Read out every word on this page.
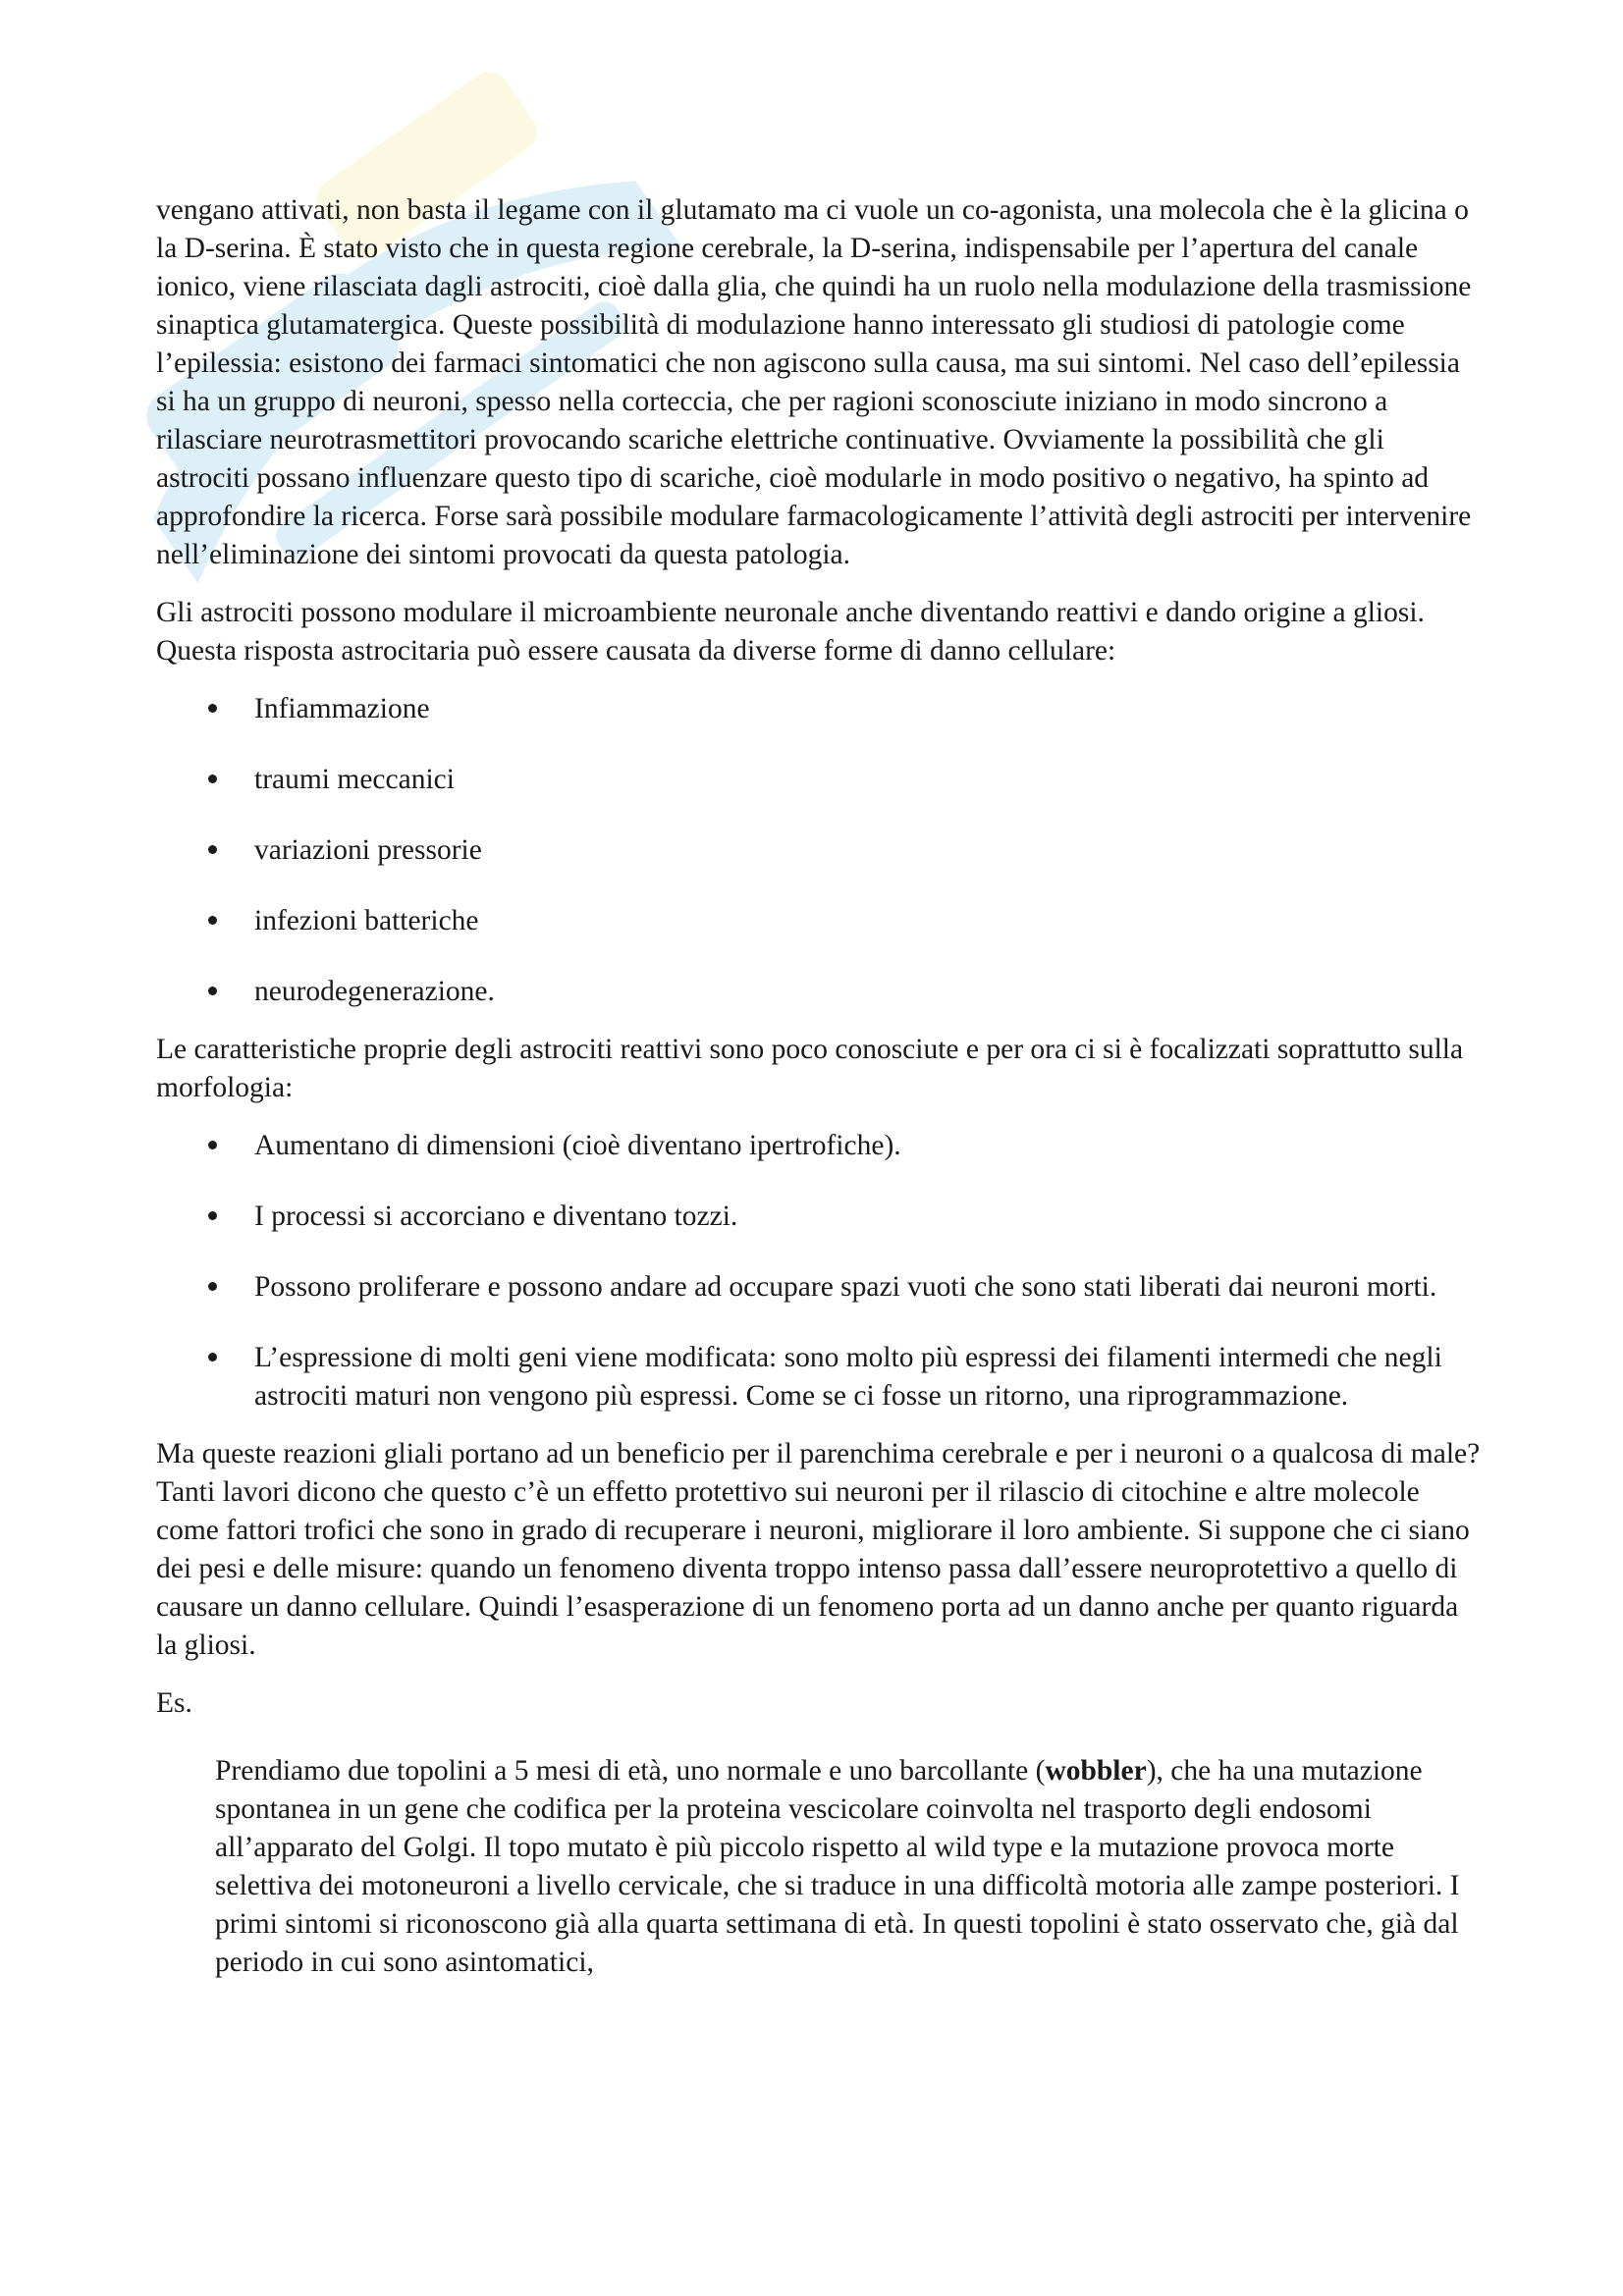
vengano attivati, non basta il legame con il glutamato ma ci vuole un co-agonista, una molecola che è la glicina o la D-serina. È stato visto che in questa regione cerebrale, la D-serina, indispensabile per l’apertura del canale ionico, viene rilasciata dagli astrociti, cioè dalla glia, che quindi ha un ruolo nella modulazione della trasmissione sinaptica glutamatergica. Queste possibilità di modulazione hanno interessato gli studiosi di patologie come l’epilessia: esistono dei farmaci sintomatici che non agiscono sulla causa, ma sui sintomi. Nel caso dell’epilessia si ha un gruppo di neuroni, spesso nella corteccia, che per ragioni sconosciute iniziano in modo sincrono a rilasciare neurotrasmettitori provocando scariche elettriche continuative. Ovviamente la possibilità che gli astrociti possano influenzare questo tipo di scariche, cioè modularle in modo positivo o negativo, ha spinto ad approfondire la ricerca. Forse sarà possibile modulare farmacologicamente l’attività degli astrociti per intervenire nell’eliminazione dei sintomi provocati da questa patologia.

Gli astrociti possono modulare il microambiente neuronale anche diventando reattivi e dando origine a gliosi. Questa risposta astrocitaria può essere causata da diverse forme di danno cellulare:

Infiammazione
traumi meccanici
variazioni pressorie
infezioni batteriche
neurodegenerazione.

Le caratteristiche proprie degli astrociti reattivi sono poco conosciute e per ora ci si è focalizzati soprattutto sulla morfologia:

Aumentano di dimensioni (cioè diventano ipertrofiche).
I processi si accorciano e diventano tozzi.
Possono proliferare e possono andare ad occupare spazi vuoti che sono stati liberati dai neuroni morti.
L’espressione di molti geni viene modificata: sono molto più espressi dei filamenti intermedi che negli astrociti maturi non vengono più espressi. Come se ci fosse un ritorno, una riprogrammazione.

Ma queste reazioni gliali portano ad un beneficio per il parenchima cerebrale e per i neuroni o a qualcosa di male? Tanti lavori dicono che questo c’è un effetto protettivo sui neuroni per il rilascio di citochine e altre molecole come fattori trofici che sono in grado di recuperare i neuroni, migliorare il loro ambiente. Si suppone che ci siano dei pesi e delle misure: quando un fenomeno diventa troppo intenso passa dall’essere neuroprotettivo a quello di causare un danno cellulare. Quindi l’esasperazione di un fenomeno porta ad un danno anche per quanto riguarda la gliosi.

Es.

Prendiamo due topolini a 5 mesi di età, uno normale e uno barcollante (wobbler), che ha una mutazione spontanea in un gene che codifica per la proteina vescicolare coinvolta nel trasporto degli endosomi all’apparato del Golgi. Il topo mutato è più piccolo rispetto al wild type e la mutazione provoca morte selettiva dei motoneuroni a livello cervicale, che si traduce in una difficoltà motoria alle zampe posteriori. I primi sintomi si riconoscono già alla quarta settimana di età. In questi topolini è stato osservato che, già dal periodo in cui sono asintomatici,
